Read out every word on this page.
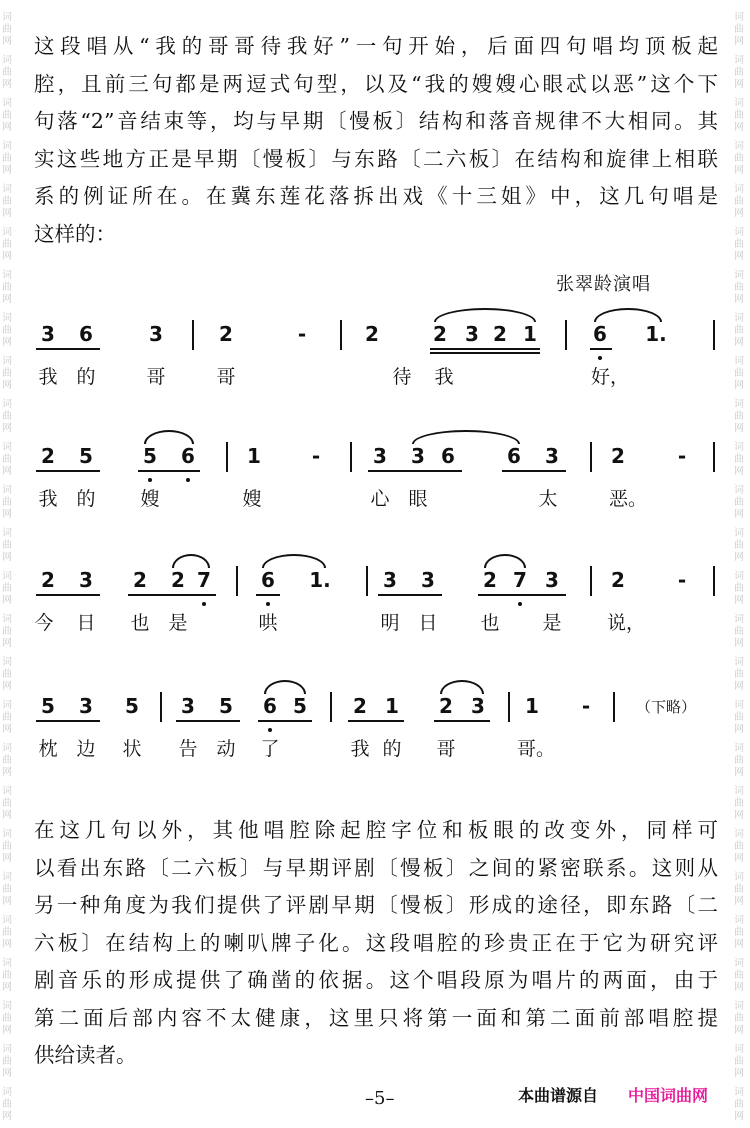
词
曲
网
词
曲
网
词
曲
网
词
曲
网
词
曲
网
词
曲
网
词
曲
网
词
曲
网
词
曲
网
词
曲
网
词
曲
网
词
曲
网
词
曲
网
词
曲
网
词
曲
网
词
曲
网
词
曲
网
词
曲
网
词
曲
网
词
曲
网
词
曲
网
词
曲
网
词
曲
网
词
曲
网
词
曲
网
词
曲
网
词
曲
网
词
曲
网
词
曲
网
词
曲
网
词
曲
网
词
曲
网
词
曲
网
词
曲
网
词
曲
网
词
曲
网
词
曲
网
词
曲
网
词
曲
网
词
曲
网
词
曲
网
词
曲
网
词
曲
网
词
曲
网
词
曲
网
词
曲
网
词
曲
网
词
曲
网
词
曲
网
词
曲
网
词
曲
网
词
曲
网
这段唱从“我的哥哥待我好”一句开始，后面四句唱均顶板起
腔，且前三句都是两逗式句型，以及“我的嫂嫂心眼忒以恶”这个下
句落“2”音结束等，均与早期〔慢板〕结构和落音规律不大相同。其
实这些地方正是早期〔慢板〕与东路〔二六板〕在结构和旋律上相联
系的例证所在。在冀东莲花落拆出戏《十三姐》中，这几句唱是
这样的：
张翠龄演唱
3 6	3	2	-	2	2 3 2 1	6 1.
我 的	哥	哥	待 我	好，
2 5	5 6	1	-	3 3 6	6 3	2	-
我 的 嫂	嫂	心 眼	太	恶。
2 3 2 2 7	6 1.	3 3 2 7 3	2	-
今 日 也 是	哄	明 日 也 是 说，
5 3 5 3 5 6 5 2 1 2 3 1 -
枕 边 状 告 动 了	我 的 哥	哥。
（下略）
在这几句以外，其他唱腔除起腔字位和板眼的改变外，同样可
以看出东路〔二六板〕与早期评剧〔慢板〕之间的紧密联系。这则从
另一种角度为我们提供了评剧早期〔慢板〕形成的途径，即东路〔二
六板〕在结构上的喇叭牌子化。这段唱腔的珍贵正在于它为研究评
剧音乐的形成提供了确凿的依据。这个唱段原为唱片的两面，由于
第二面后部内容不太健康，这里只将第一面和第二面前部唱腔提
供给读者。
–5–	本曲谱源自 中国词曲网
